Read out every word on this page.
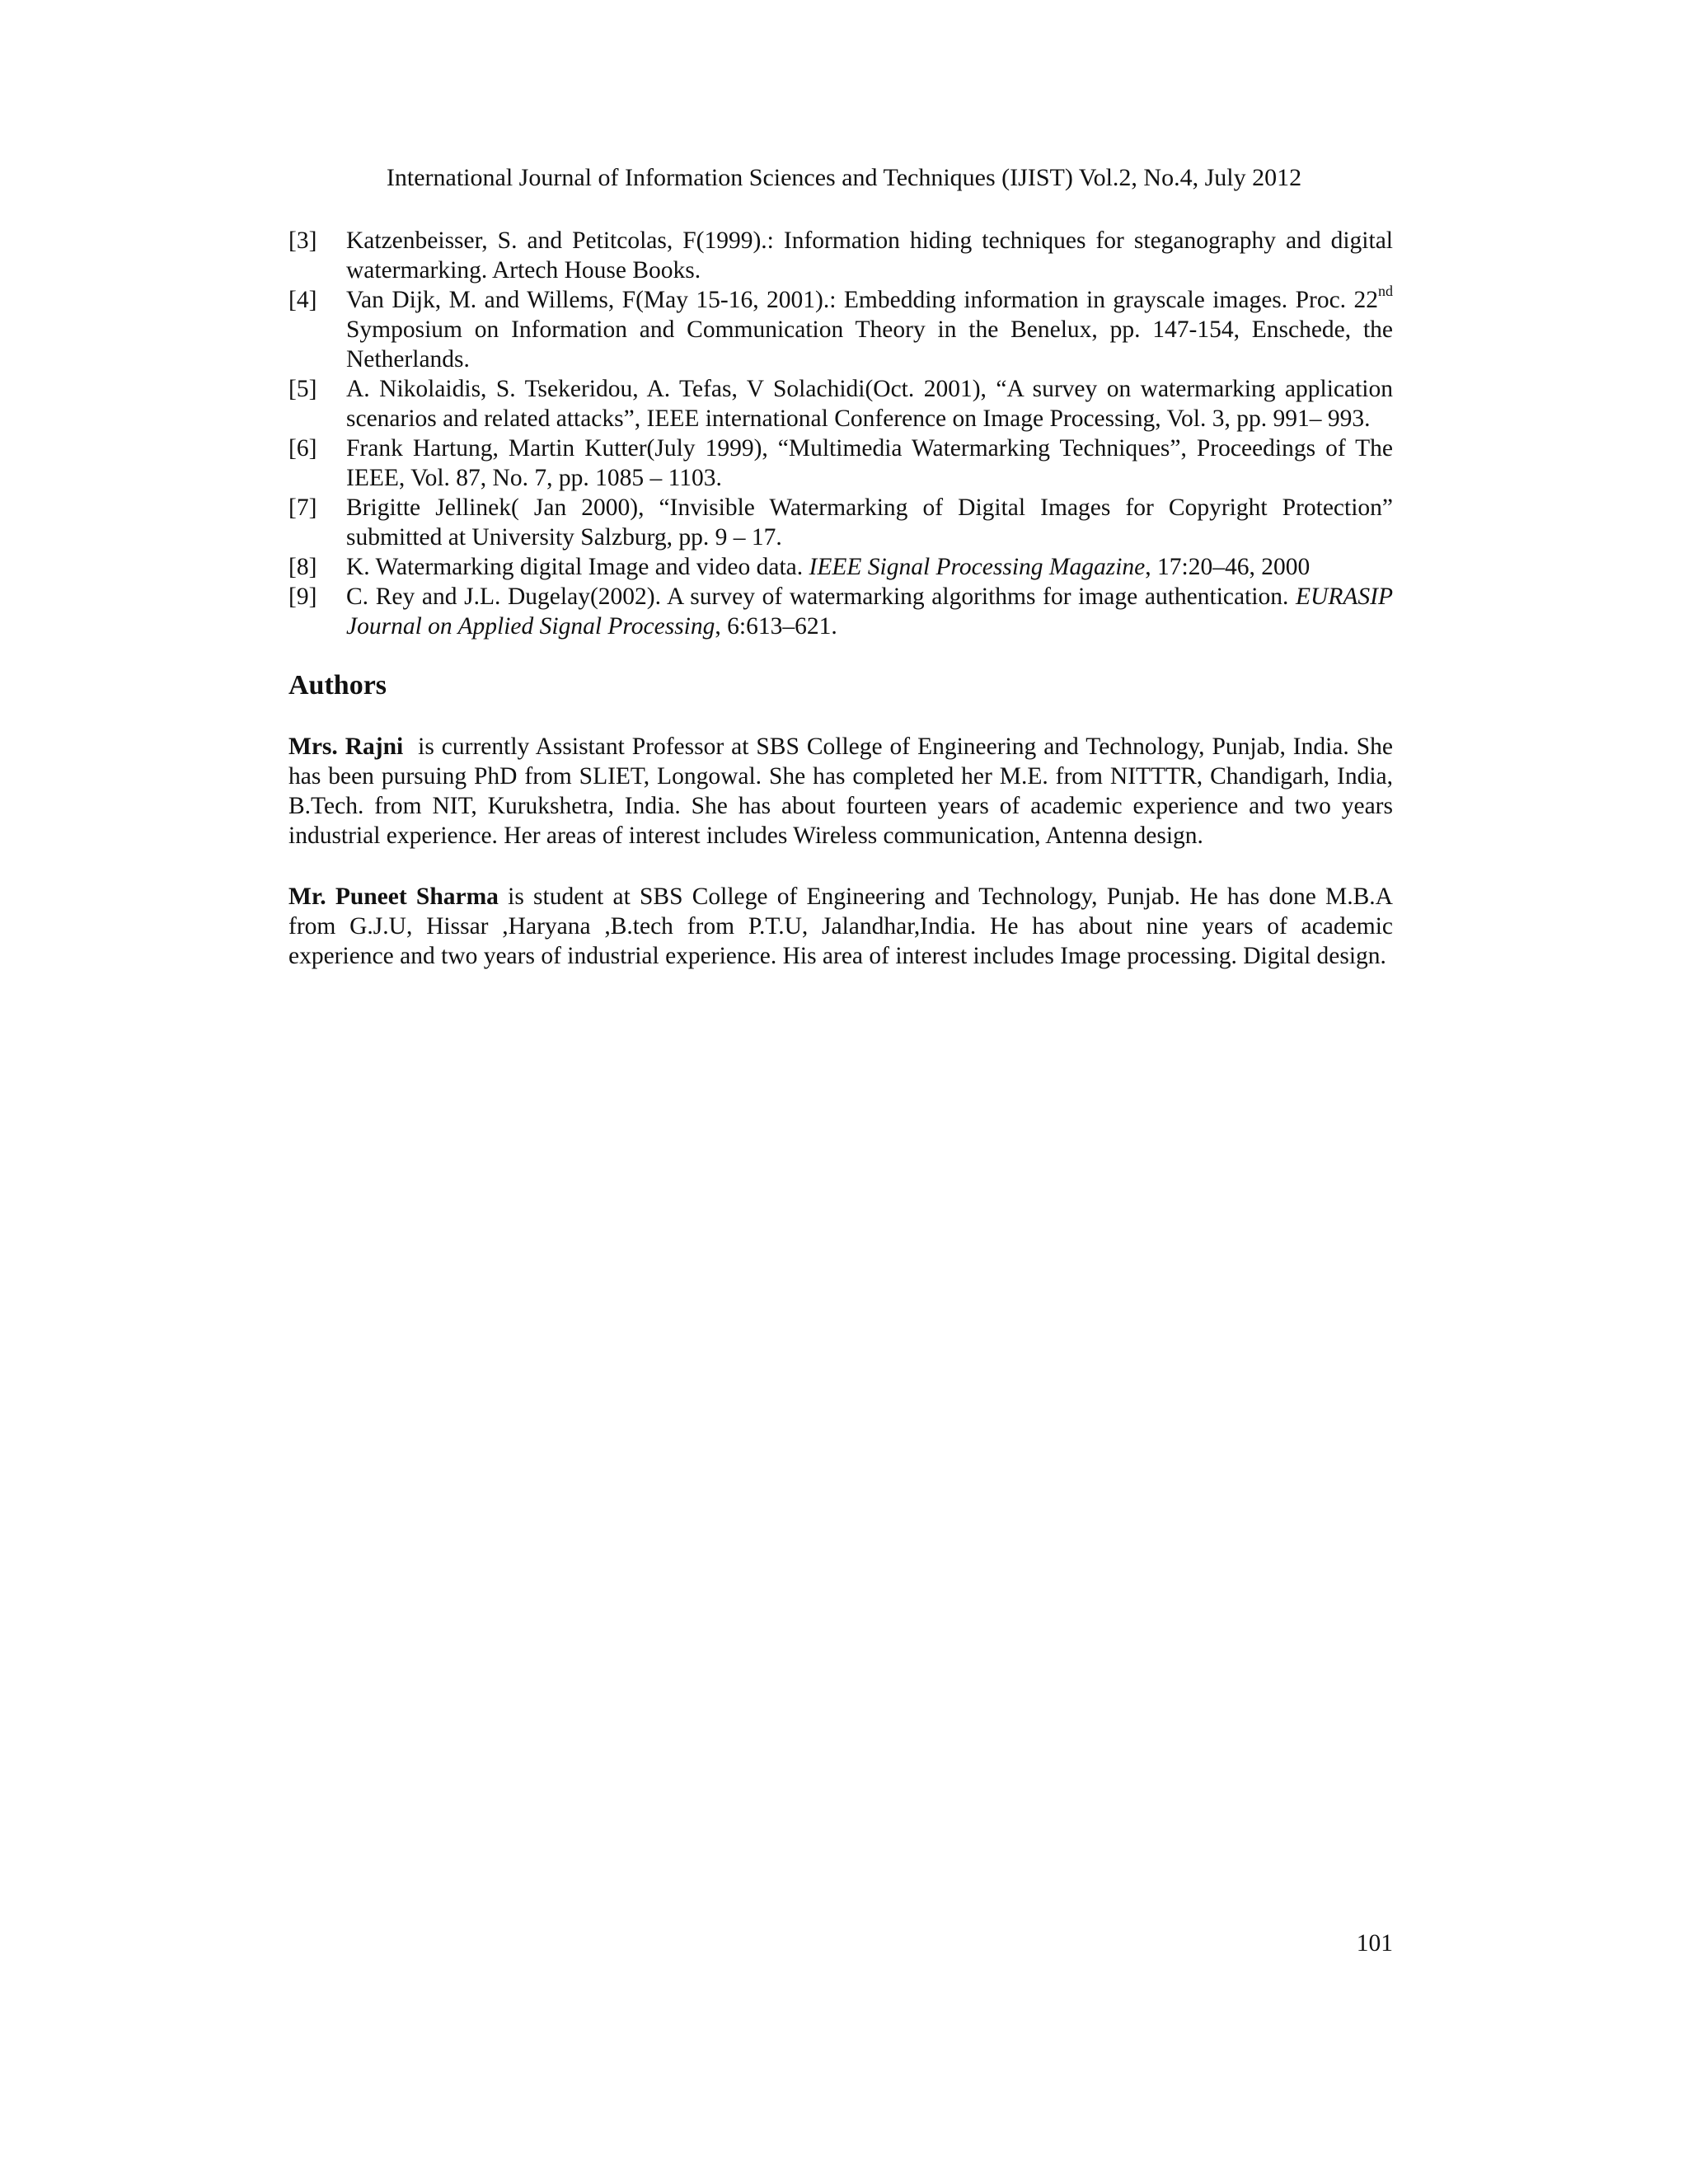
International Journal of Information Sciences and Techniques (IJIST) Vol.2, No.4, July 2012
[3]	Katzenbeisser, S. and Petitcolas, F(1999).: Information hiding techniques for steganography and digital watermarking. Artech House Books.
[4]	Van Dijk, M. and Willems, F(May 15-16, 2001).: Embedding information in grayscale images. Proc. 22nd Symposium on Information and Communication Theory in the Benelux, pp. 147-154, Enschede, the Netherlands.
[5]	A. Nikolaidis, S. Tsekeridou, A. Tefas, V Solachidi(Oct. 2001), “A survey on watermarking application scenarios and related attacks”, IEEE international Conference on Image Processing, Vol. 3, pp. 991– 993.
[6]	Frank Hartung, Martin Kutter(July 1999), “Multimedia Watermarking Techniques”, Proceedings of The IEEE, Vol. 87, No. 7, pp. 1085 – 1103.
[7]	Brigitte Jellinek( Jan 2000), “Invisible Watermarking of Digital Images for Copyright Protection” submitted at University Salzburg, pp. 9 – 17.
[8]	K. Watermarking digital Image and video data. IEEE Signal Processing Magazine, 17:20–46, 2000
[9]	C. Rey and J.L. Dugelay(2002). A survey of watermarking algorithms for image authentication. EURASIP Journal on Applied Signal Processing, 6:613–621.
Authors

Mrs. Rajni  is currently Assistant Professor at SBS College of Engineering and Technology, Punjab, India. She has been pursuing PhD from SLIET, Longowal. She has completed her M.E. from NITTTR, Chandigarh, India, B.Tech. from NIT, Kurukshetra, India. She has about fourteen years of academic experience and two years industrial experience. Her areas of interest includes Wireless communication, Antenna design.

Mr. Puneet Sharma is student at SBS College of Engineering and Technology, Punjab. He has done M.B.A from G.J.U, Hissar ,Haryana ,B.tech from P.T.U, Jalandhar,India. He has about nine years of academic experience and two years of industrial experience. His area of interest includes Image processing. Digital design.

101
